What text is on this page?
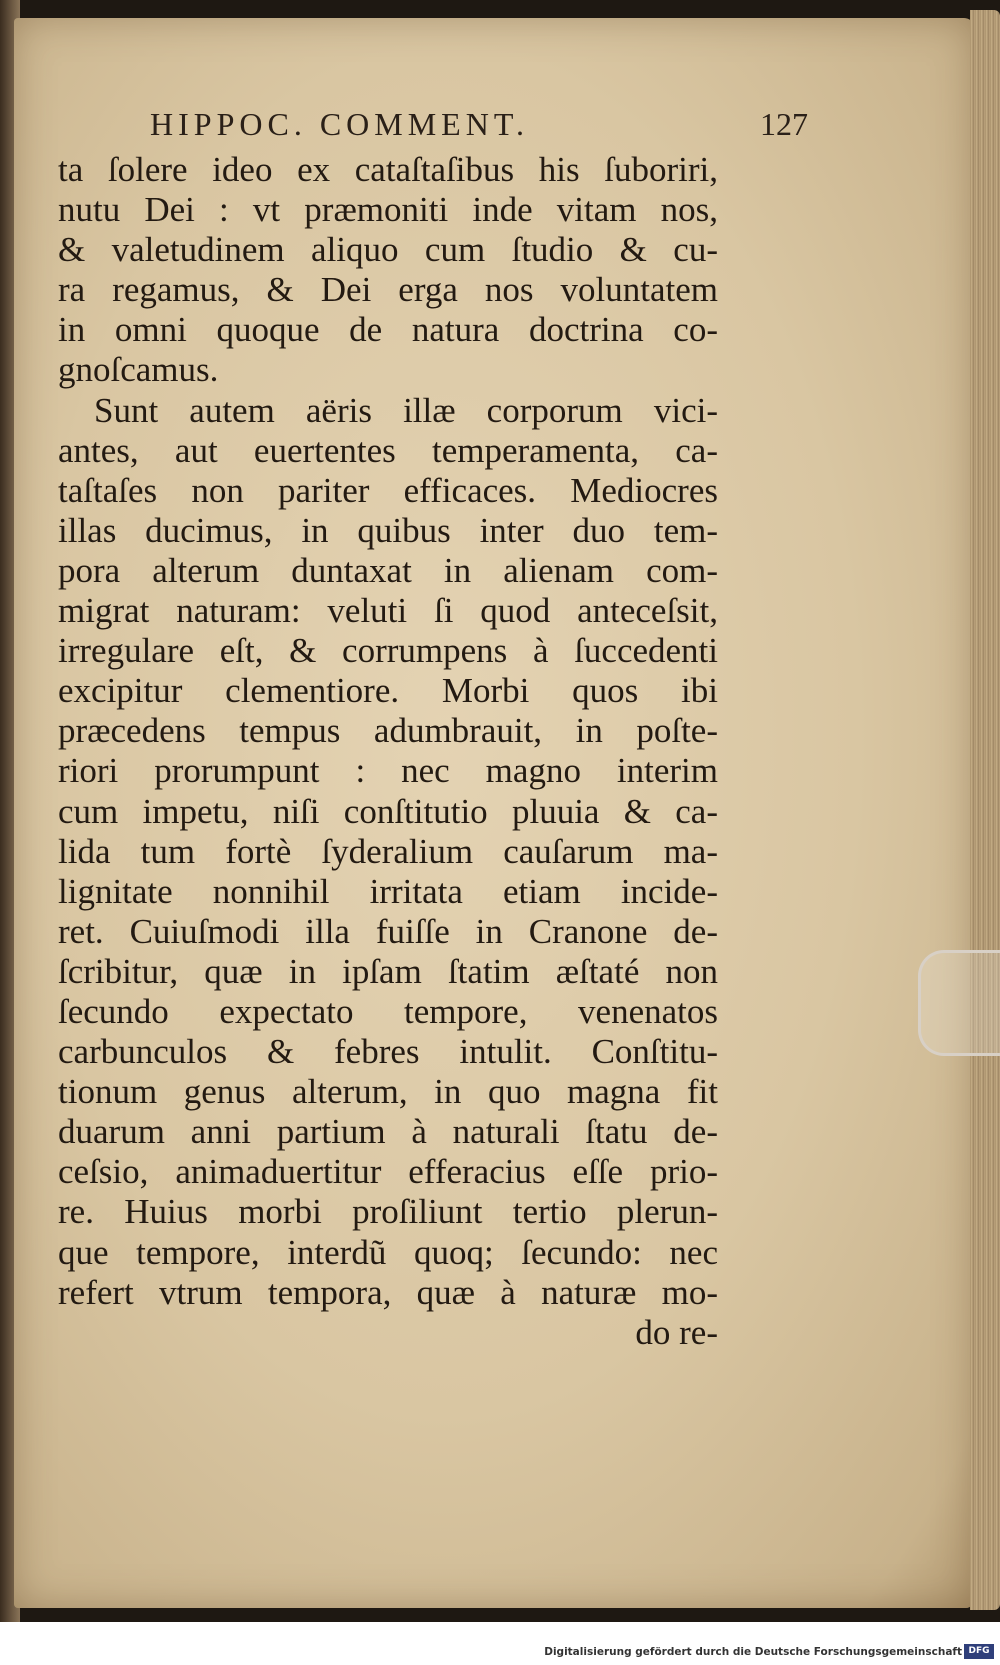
HIPPOC. COMMENT.	127
ta ſolere ideo ex cataſtaſibus his ſuboriri,
nutu Dei : vt præmoniti inde vitam nos,
& valetudinem aliquo cum ſtudio & cu-
ra regamus, & Dei erga nos voluntatem
in omni quoque de natura doctrina co-
gnoſcamus.
Sunt autem aëris illæ corporum vici-
antes, aut euertentes temperamenta, ca-
taſtaſes non pariter efficaces. Mediocres
illas ducimus, in quibus inter duo tem-
pora alterum duntaxat in alienam com-
migrat naturam: veluti ſi quod anteceſsit,
irregulare eſt, & corrumpens à ſuccedenti
excipitur clementiore. Morbi quos ibi
præcedens tempus adumbrauit, in poſte-
riori prorumpunt : nec magno interim
cum impetu, niſi conſtitutio pluuia & ca-
lida tum fortè ſyderalium cauſarum ma-
lignitate nonnihil irritata etiam incide-
ret. Cuiuſmodi illa fuiſſe in Cranone de-
ſcribitur, quæ in ipſam ſtatim æſtaté non
ſecundo expectato tempore, venenatos
carbunculos & febres intulit. Conſtitu-
tionum genus alterum, in quo magna fit
duarum anni partium à naturali ſtatu de-
ceſsio, animaduertitur efferacius eſſe prio-
re. Huius morbi proſiliunt tertio plerun-
que tempore, interdũ quoq; ſecundo: nec
refert vtrum tempora, quæ à naturæ mo-
do re-
Digitalisierung gefördert durch die Deutsche Forschungsgemeinschaft DFG
